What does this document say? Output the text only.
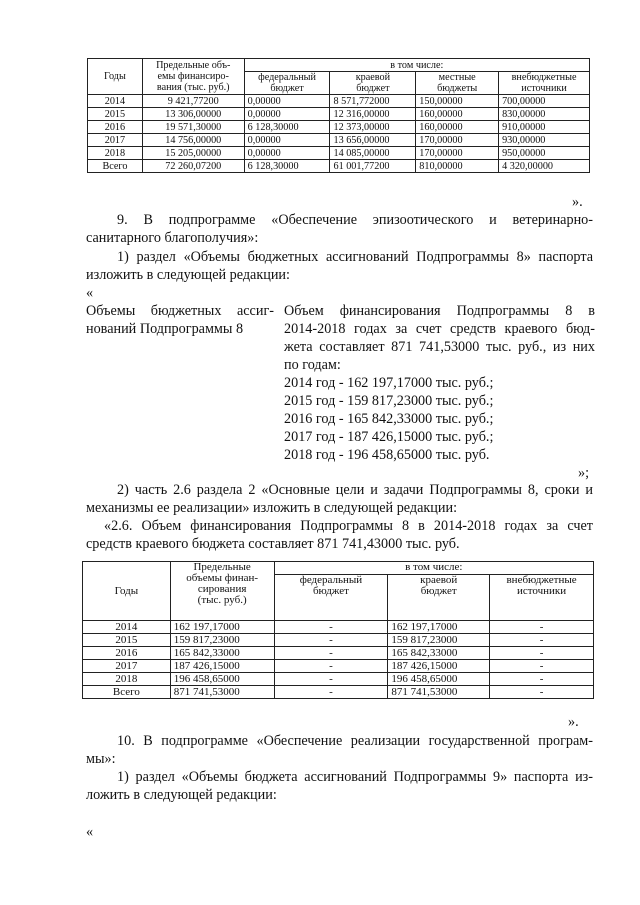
Годы	Предельные объ-
емы финансиро-
вания (тыс. руб.)	в том числе:			
		федеральный
бюджет	краевой
бюджет	местные
бюджеты	внебюджетные
источники

2014	9 421,77200	0,00000	8 571,772000	150,00000	700,00000
2015	13 306,00000	0,00000	12 316,00000	160,00000	830,00000
2016	19 571,30000	6 128,30000	12 373,00000	160,00000	910,00000
2017	14 756,00000	0,00000	13 656,00000	170,00000	930,00000
2018	15 205,00000	0,00000	14 085,00000	170,00000	950,00000
Всего	72 260,07200	6 128,30000	61 001,77200	810,00000	4 320,00000
».
9. В подпрограмме «Обеспечение эпизоотического и ветеринарно-
санитарного благополучия»:
1) раздел «Объемы бюджетных ассигнований Подпрограммы 8» паспорта
изложить в следующей редакции:
«
Объемы бюджетных ассиг-
нований Подпрограммы 8
Объем финансирования Подпрограммы 8 в
2014-2018 годах за счет средств краевого бюд-
жета составляет 871 741,53000 тыс. руб., из них
по годам:
2014 год - 162 197,17000 тыс. руб.;
2015 год - 159 817,23000 тыс. руб.;
2016 год - 165 842,33000 тыс. руб.;
2017 год - 187 426,15000 тыс. руб.;
2018 год - 196 458,65000 тыс. руб.
»;
2) часть 2.6 раздела 2 «Основные цели и задачи Подпрограммы 8, сроки и
механизмы ее реализации» изложить в следующей редакции:
«2.6. Объем финансирования Подпрограммы 8 в 2014-2018 годах за счет
средств краевого бюджета составляет 871 741,43000 тыс. руб.
Годы	Предельные
объемы финан-
сирования
(тыс. руб.)	в том числе:		
		федеральный
бюджет	краевой
бюджет	внебюджетные
источники
2014	162 197,17000	-	162 197,17000	-
2015	159 817,23000	-	159 817,23000	-
2016	165 842,33000	-	165 842,33000	-
2017	187 426,15000	-	187 426,15000	-
2018	196 458,65000	-	196 458,65000	-
Всего	871 741,53000	-	871 741,53000	-
».
10. В подпрограмме «Обеспечение реализации государственной програм-
мы»:
1) раздел «Объемы бюджета ассигнований Подпрограммы 9» паспорта из-
ложить в следующей редакции:
«
